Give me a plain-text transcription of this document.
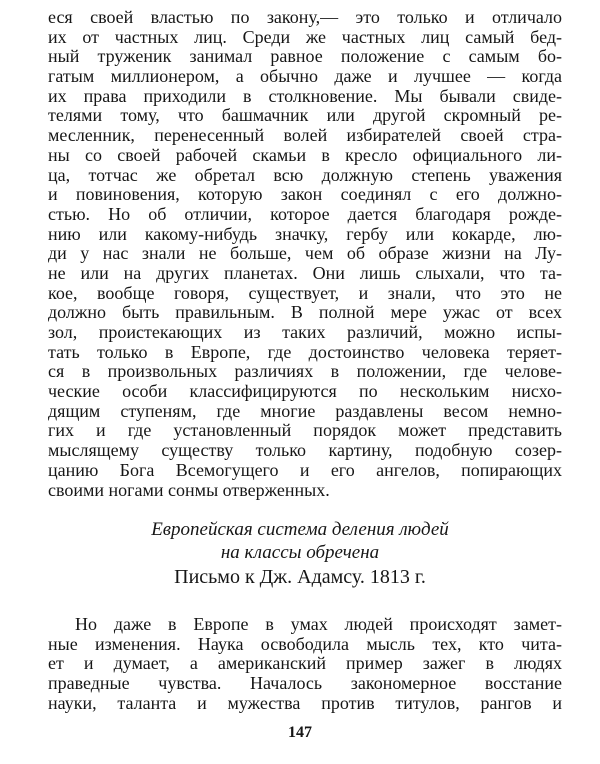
еся своей властью по закону,— это только и отличало
их от частных лиц. Среди же частных лиц самый бед-
ный труженик занимал равное положение с самым бо-
гатым миллионером, а обычно даже и лучшее — когда
их права приходили в столкновение. Мы бывали свиде-
телями тому, что башмачник или другой скромный ре-
месленник, перенесенный волей избирателей своей стра-
ны со своей рабочей скамьи в кресло официального ли-
ца, тотчас же обретал всю должную степень уважения
и повиновения, которую закон соединял с его должно-
стью. Но об отличии, которое дается благодаря рожде-
нию или какому-нибудь значку, гербу или кокарде, лю-
ди у нас знали не больше, чем об образе жизни на Лу-
не или на других планетах. Они лишь слыхали, что та-
кое, вообще говоря, существует, и знали, что это не
должно быть правильным. В полной мере ужас от всех
зол, проистекающих из таких различий, можно испы-
тать только в Европе, где достоинство человека теряет-
ся в произвольных различиях в положении, где челове-
ческие особи классифицируются по нескольким нисхо-
дящим ступеням, где многие раздавлены весом немно-
гих и где установленный порядок может представить
мыслящему существу только картину, подобную созер-
цанию Бога Всемогущего и его ангелов, попирающих
своими ногами сонмы отверженных.
Европейская система деления людей
на классы обречена
Письмо к Дж. Адамсу. 1813 г.
Но даже в Европе в умах людей происходят замет-
ные изменения. Наука освободила мысль тех, кто чита-
ет и думает, а американский пример зажег в людях
праведные чувства. Началось закономерное восстание
науки, таланта и мужества против титулов, рангов и
147
